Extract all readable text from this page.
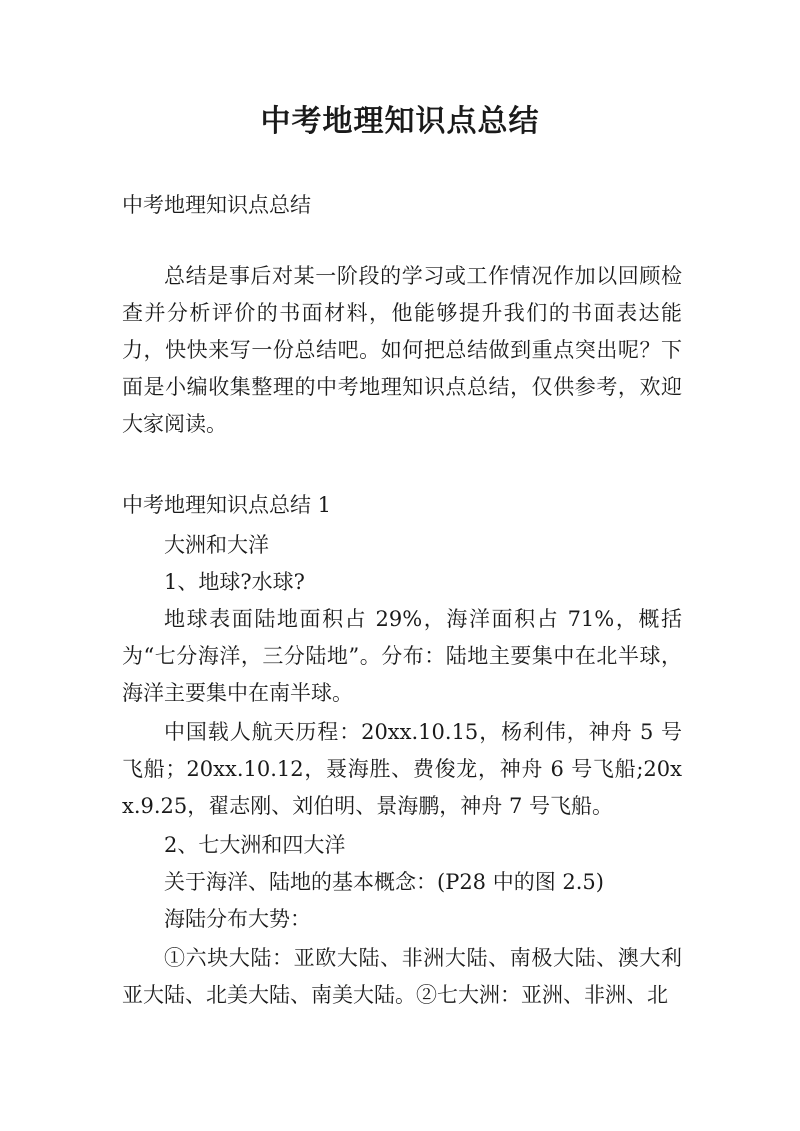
中考地理知识点总结

中考地理知识点总结

总结是事后对某一阶段的学习或工作情况作加以回顾检查并分析评价的书面材料，他能够提升我们的书面表达能力，快快来写一份总结吧。如何把总结做到重点突出呢？下面是小编收集整理的中考地理知识点总结，仅供参考，欢迎大家阅读。

中考地理知识点总结 1

大洲和大洋

1、地球?水球?

地球表面陆地面积占 29%，海洋面积占 71%，概括为“七分海洋，三分陆地”。分布：陆地主要集中在北半球，海洋主要集中在南半球。

中国载人航天历程：20xx.10.15，杨利伟，神舟 5 号飞船；20xx.10.12，聂海胜、费俊龙，神舟 6 号飞船;20xx.9.25，翟志刚、刘伯明、景海鹏，神舟 7 号飞船。

2、七大洲和四大洋

关于海洋、陆地的基本概念：(P28 中的图 2.5)

海陆分布大势：

①六块大陆：亚欧大陆、非洲大陆、南极大陆、澳大利亚大陆、北美大陆、南美大陆。②七大洲：亚洲、非洲、北
